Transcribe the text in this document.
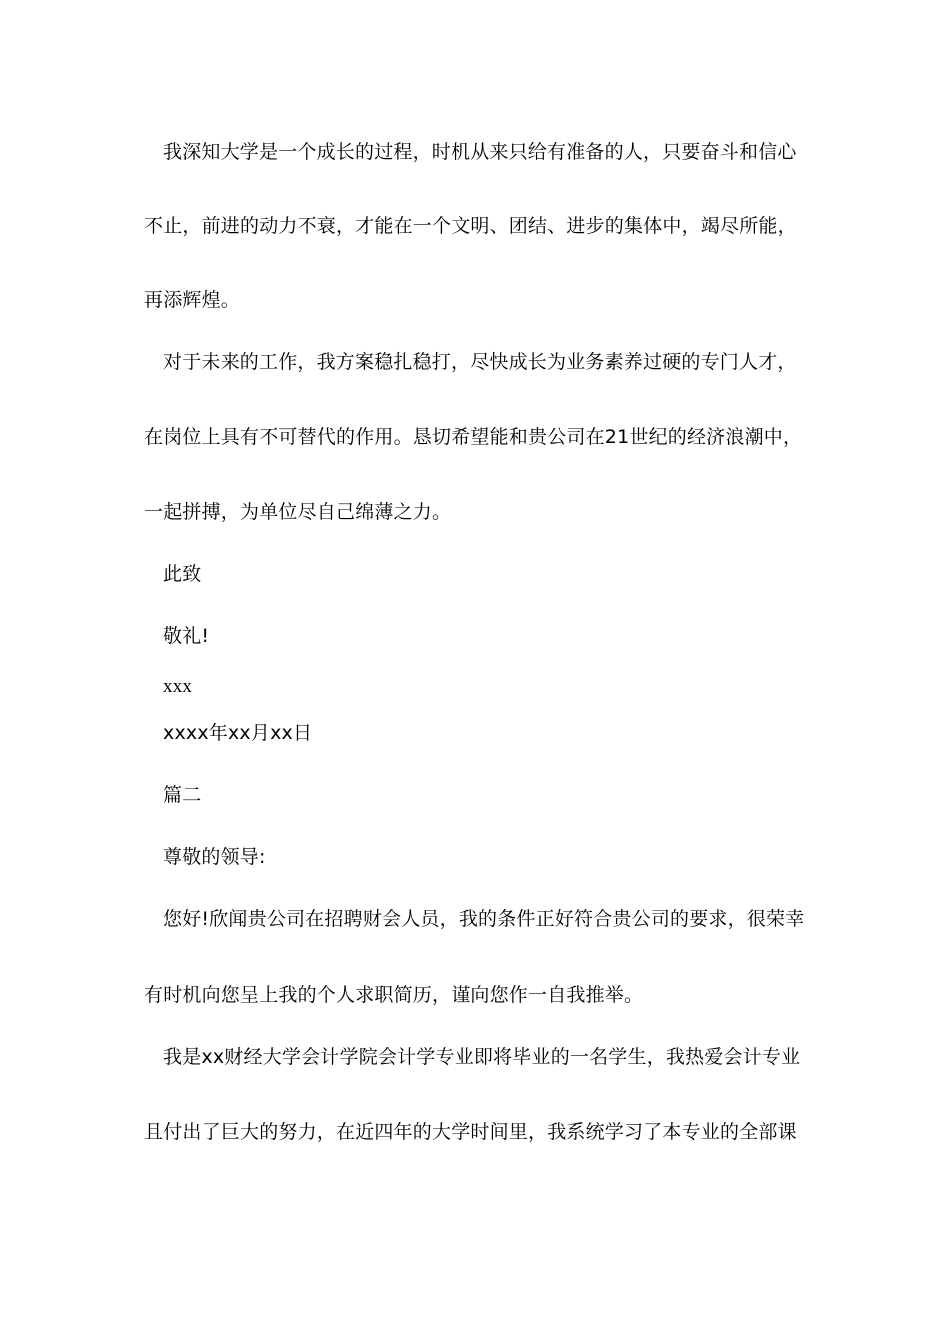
我深知大学是一个成长的过程，时机从来只给有准备的人，只要奋斗和信心
不止，前进的动力不衰，才能在一个文明、团结、进步的集体中，竭尽所能，
再添辉煌。
对于未来的工作，我方案稳扎稳打，尽快成长为业务素养过硬的专门人才，
在岗位上具有不可替代的作用。恳切希望能和贵公司在21世纪的经济浪潮中，
一起拼搏，为单位尽自己绵薄之力。
此致
敬礼!
xxx
xxxx年xx月xx日
篇二
尊敬的领导:
您好!欣闻贵公司在招聘财会人员，我的条件正好符合贵公司的要求，很荣幸
有时机向您呈上我的个人求职简历，谨向您作一自我推举。
我是xx财经大学会计学院会计学专业即将毕业的一名学生，我热爱会计专业
且付出了巨大的努力，在近四年的大学时间里，我系统学习了本专业的全部课
